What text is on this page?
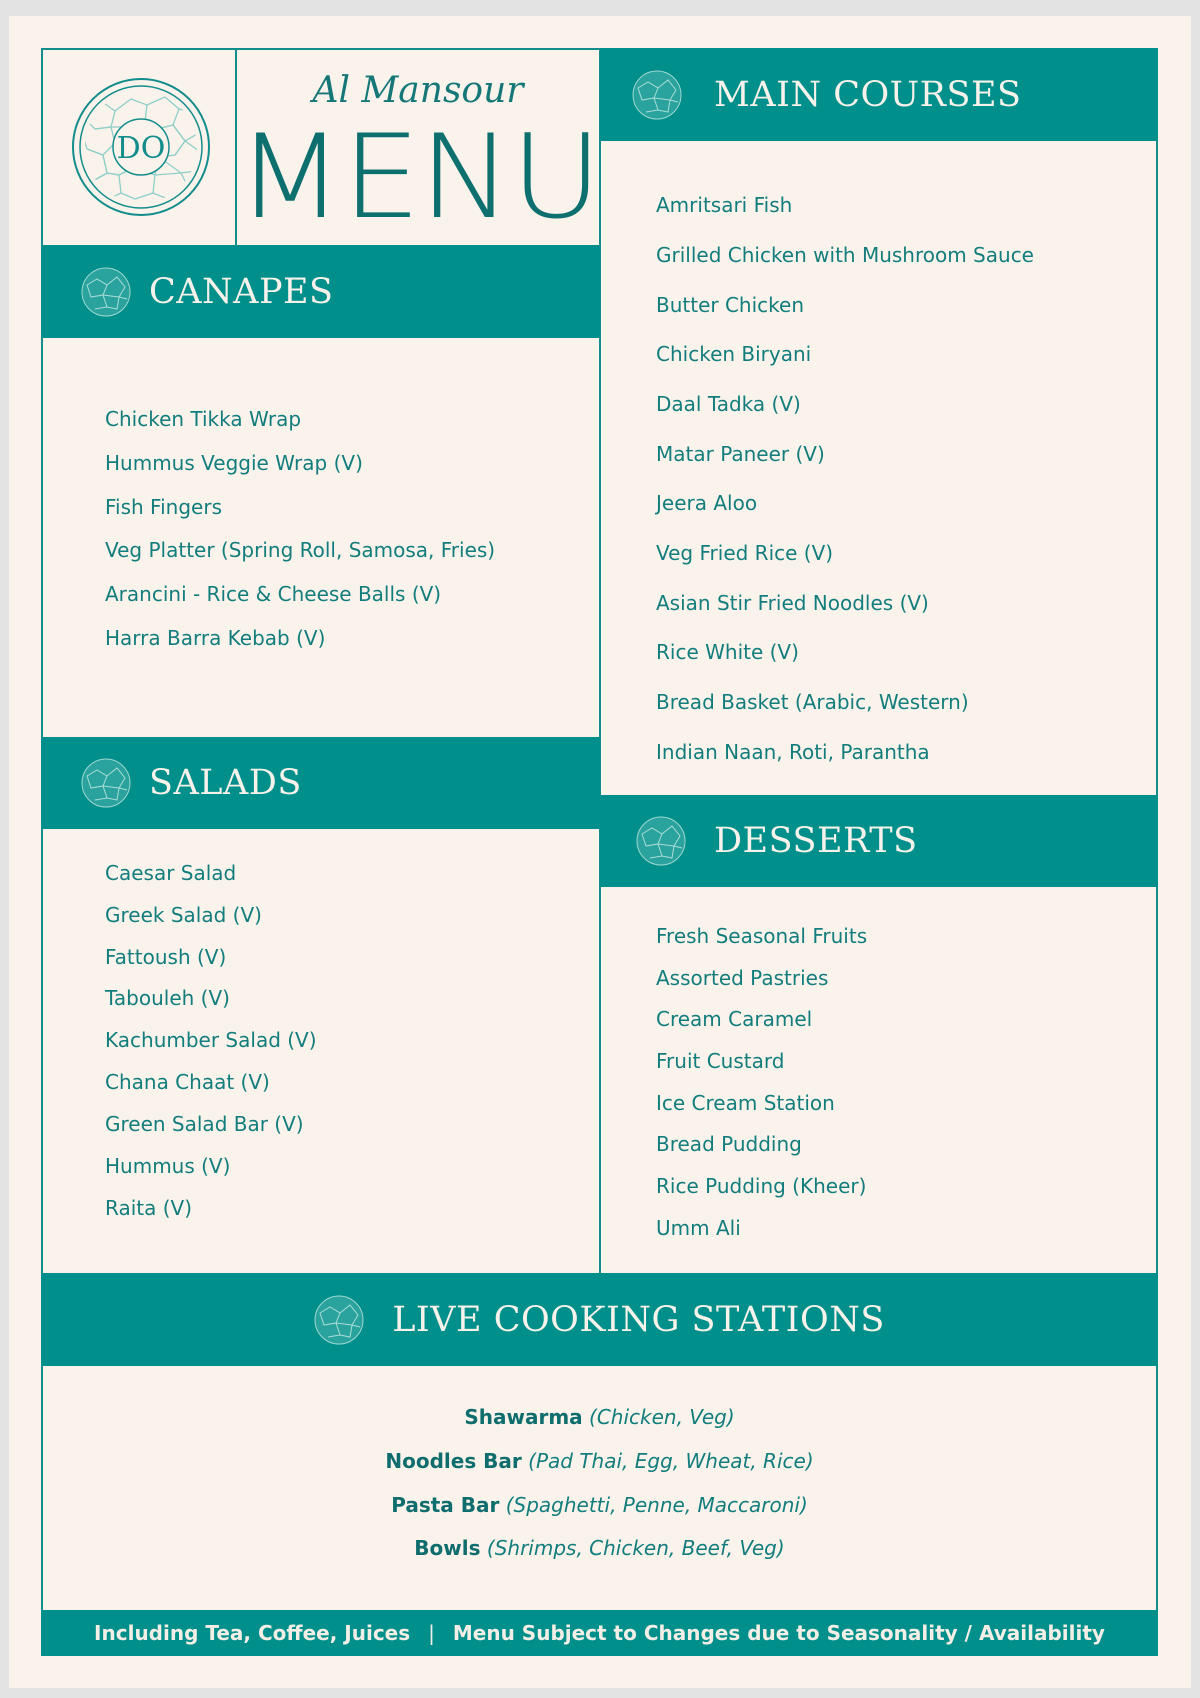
DO
Al Mansour
MENU
CANAPES
Chicken Tikka Wrap
Hummus Veggie Wrap (V)
Fish Fingers
Veg Platter (Spring Roll, Samosa, Fries)
Arancini - Rice & Cheese Balls (V)
Harra Barra Kebab (V)
SALADS
Caesar Salad
Greek Salad (V)
Fattoush (V)
Tabouleh (V)
Kachumber Salad (V)
Chana Chaat (V)
Green Salad Bar (V)
Hummus (V)
Raita (V)
MAIN COURSES
Amritsari Fish
Grilled Chicken with Mushroom Sauce
Butter Chicken
Chicken Biryani
Daal Tadka (V)
Matar Paneer (V)
Jeera Aloo
Veg Fried Rice (V)
Asian Stir Fried Noodles (V)
Rice White (V)
Bread Basket (Arabic, Western)
Indian Naan, Roti, Parantha
DESSERTS
Fresh Seasonal Fruits
Assorted Pastries
Cream Caramel
Fruit Custard
Ice Cream Station
Bread Pudding
Rice Pudding (Kheer)
Umm Ali
LIVE COOKING STATIONS
Shawarma (Chicken, Veg)
Noodles Bar (Pad Thai, Egg, Wheat, Rice)
Pasta Bar (Spaghetti, Penne, Maccaroni)
Bowls (Shrimps, Chicken, Beef, Veg)
Including Tea, Coffee, Juices | Menu Subject to Changes due to Seasonality / Availability
